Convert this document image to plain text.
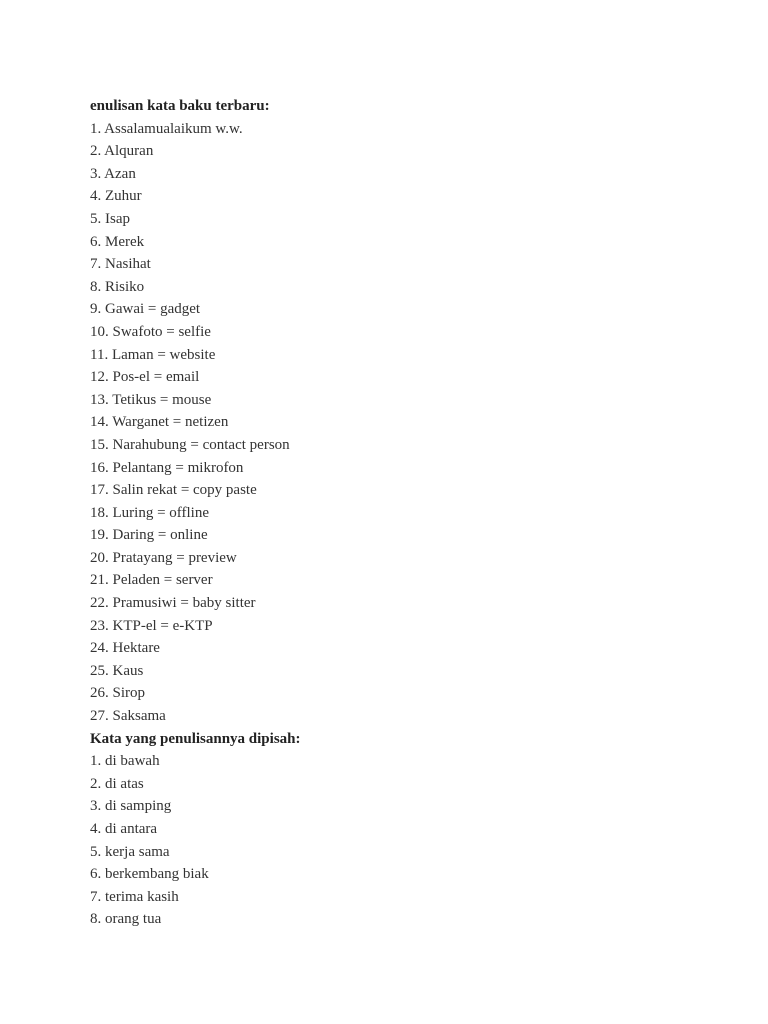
enulisan kata baku terbaru:

1. Assalamualaikum w.w.
2. Alquran
3. Azan
4. Zuhur
5. Isap
6. Merek
7. Nasihat
8. Risiko
9. Gawai = gadget
10. Swafoto = selfie
11. Laman = website
12. Pos-el = email
13. Tetikus = mouse
14. Warganet = netizen
15. Narahubung = contact person
16. Pelantang = mikrofon
17. Salin rekat = copy paste
18. Luring = offline
19. Daring = online
20. Pratayang = preview
21. Peladen = server
22. Pramusiwi = baby sitter
23. KTP-el = e-KTP
24. Hektare
25. Kaus
26. Sirop
27. Saksama

Kata yang penulisannya dipisah:

1. di bawah
2. di atas
3. di samping
4. di antara
5. kerja sama
6. berkembang biak
7. terima kasih
8. orang tua
